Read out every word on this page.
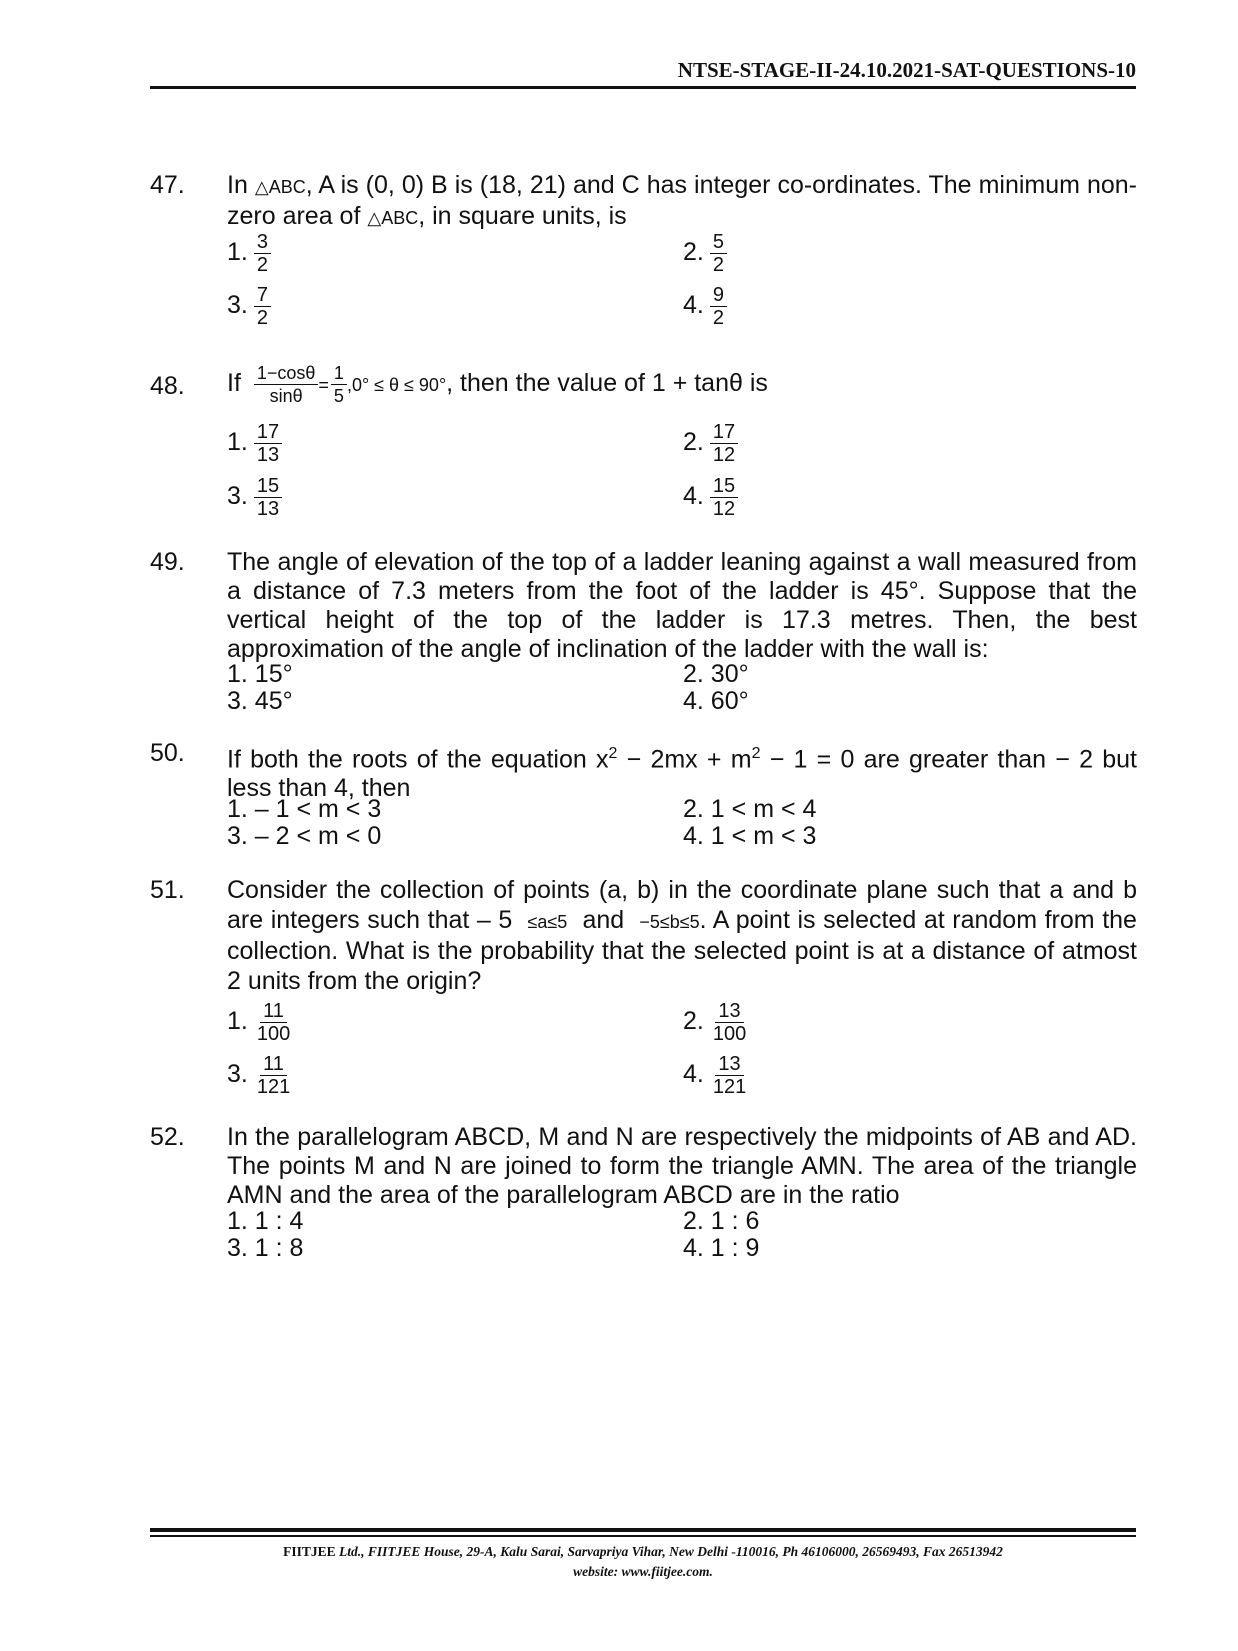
NTSE-STAGE-II-24.10.2021-SAT-QUESTIONS-10
47. In △ABC, A is (0, 0) B is (18, 21) and C has integer co-ordinates. The minimum non-zero area of △ABC, in square units, is
1. $\frac{3}{2}$	2. $\frac{5}{2}$
3. $\frac{7}{2}$	4. $\frac{9}{2}$
48. If $\frac{1-\cos\theta}{\sin\theta} = \frac{1}{5} ,0^\circ \le \theta \le 90^\circ$, then the value of 1 + tanθ is
1. $\frac{17}{13}$	2. $\frac{17}{12}$
3. $\frac{15}{13}$	4. $\frac{15}{12}$
49. The angle of elevation of the top of a ladder leaning against a wall measured from a distance of 7.3 meters from the foot of the ladder is 45°. Suppose that the vertical height of the top of the ladder is 17.3 metres. Then, the best approximation of the angle of inclination of the ladder with the wall is:
1. 15°	2. 30°
3. 45°	4. 60°
50. If both the roots of the equation $x^2 - 2mx + m^2 - 1 = 0$ are greater than − 2 but less than 4, then
1. – 1 < m < 3	2. 1 < m < 4
3. – 2 < m < 0	4. 1 < m < 3
51. Consider the collection of points (a, b) in the coordinate plane such that a and b are integers such that – 5 ≤a≤5 and −5≤b≤5. A point is selected at random from the collection. What is the probability that the selected point is at a distance of atmost 2 units from the origin?
1. $\frac{11}{100}$	2. $\frac{13}{100}$
3. $\frac{11}{121}$	4. $\frac{13}{121}$
52. In the parallelogram ABCD, M and N are respectively the midpoints of AB and AD. The points M and N are joined to form the triangle AMN. The area of the triangle AMN and the area of the parallelogram ABCD are in the ratio
1. 1 : 4	2. 1 : 6
3. 1 : 8	4. 1 : 9
FIITJEE Ltd., FIITJEE House, 29-A, Kalu Sarai, Sarvapriya Vihar, New Delhi -110016, Ph 46106000, 26569493, Fax 26513942
website: www.fiitjee.com.
